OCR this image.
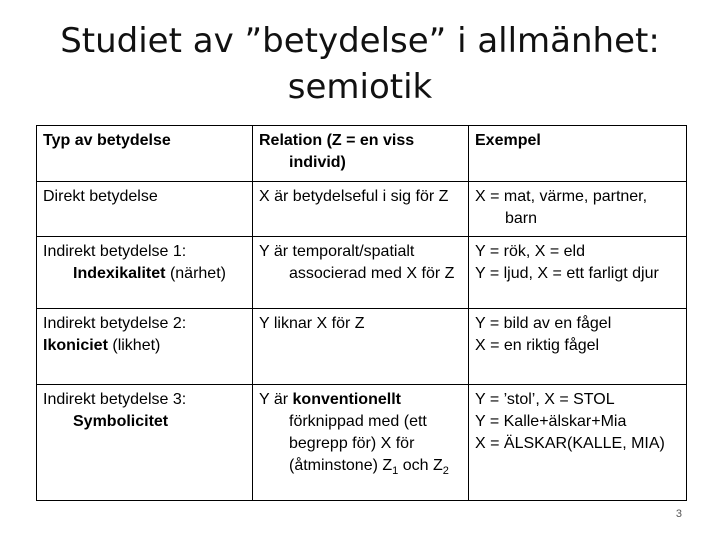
Studiet av ”betydelse” i allmänhet:
semiotik
Typ av betydelse	Relation (Z = en viss individ)	Exempel
Direkt betydelse	X är betydelseful i sig för Z	X = mat, värme, partner, barn

Indirekt betydelse 1: Indexikalitet (närhet)	Y är temporalt/spatialt associerad med X för Z	Y = rök, X = eld
Y = ljud, X = ett farligt djur

Indirekt betydelse 2:
Ikoniciet (likhet)	Y liknar X för Z	Y = bild av en fågel
X = en riktig fågel

Indirekt betydelse 3: Symbolicitet	Y är konventionellt förknippad med (ett begrepp för) X för (åtminstone) $Z_1$ och $Z_2$	Y = ’stol’, X = STOL
Y = Kalle+älskar+Mia
X = ÄLSKAR(KALLE, MIA)
3
